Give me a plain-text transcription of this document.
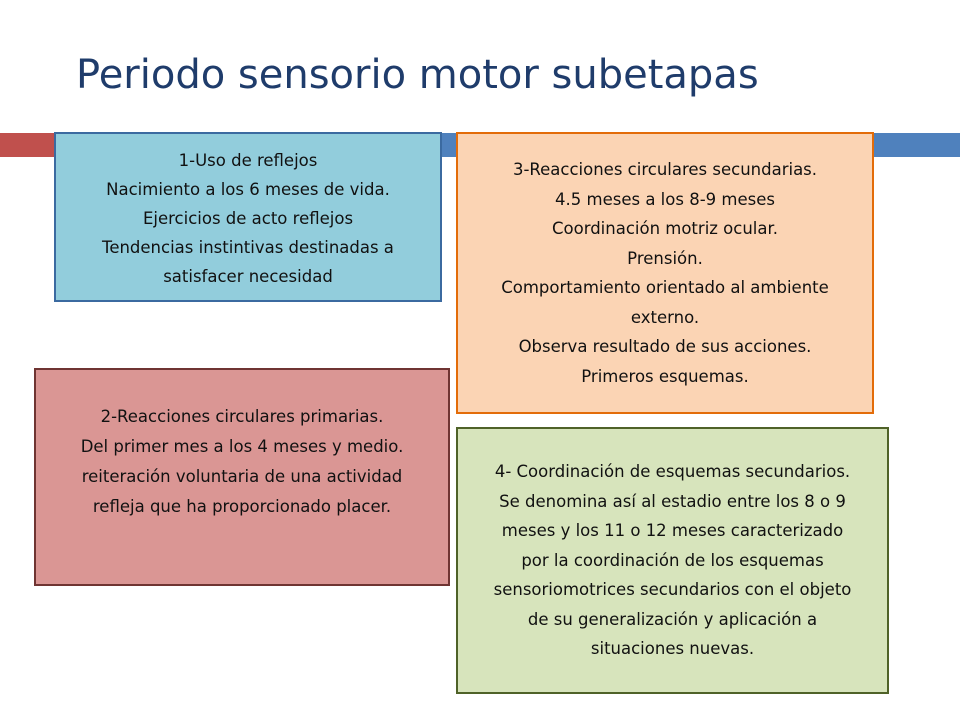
Periodo sensorio motor subetapas
1-Uso de reflejos
Nacimiento a los 6 meses de vida.
Ejercicios de acto reflejos
Tendencias instintivas destinadas a
satisfacer necesidad
2-Reacciones circulares primarias.
Del primer mes a los 4 meses y medio.
reiteración voluntaria de una actividad
refleja que ha proporcionado placer.
3-Reacciones circulares secundarias.
4.5 meses a los 8-9 meses
Coordinación motriz ocular.
Prensión.
Comportamiento orientado al ambiente
externo.
Observa resultado de sus acciones.
Primeros esquemas.
4- Coordinación de esquemas secundarios.
Se denomina así al estadio entre los 8 o 9
meses y los 11 o 12 meses caracterizado
por la coordinación de los esquemas
sensoriomotrices secundarios con el objeto
de su generalización y aplicación a
situaciones nuevas.
